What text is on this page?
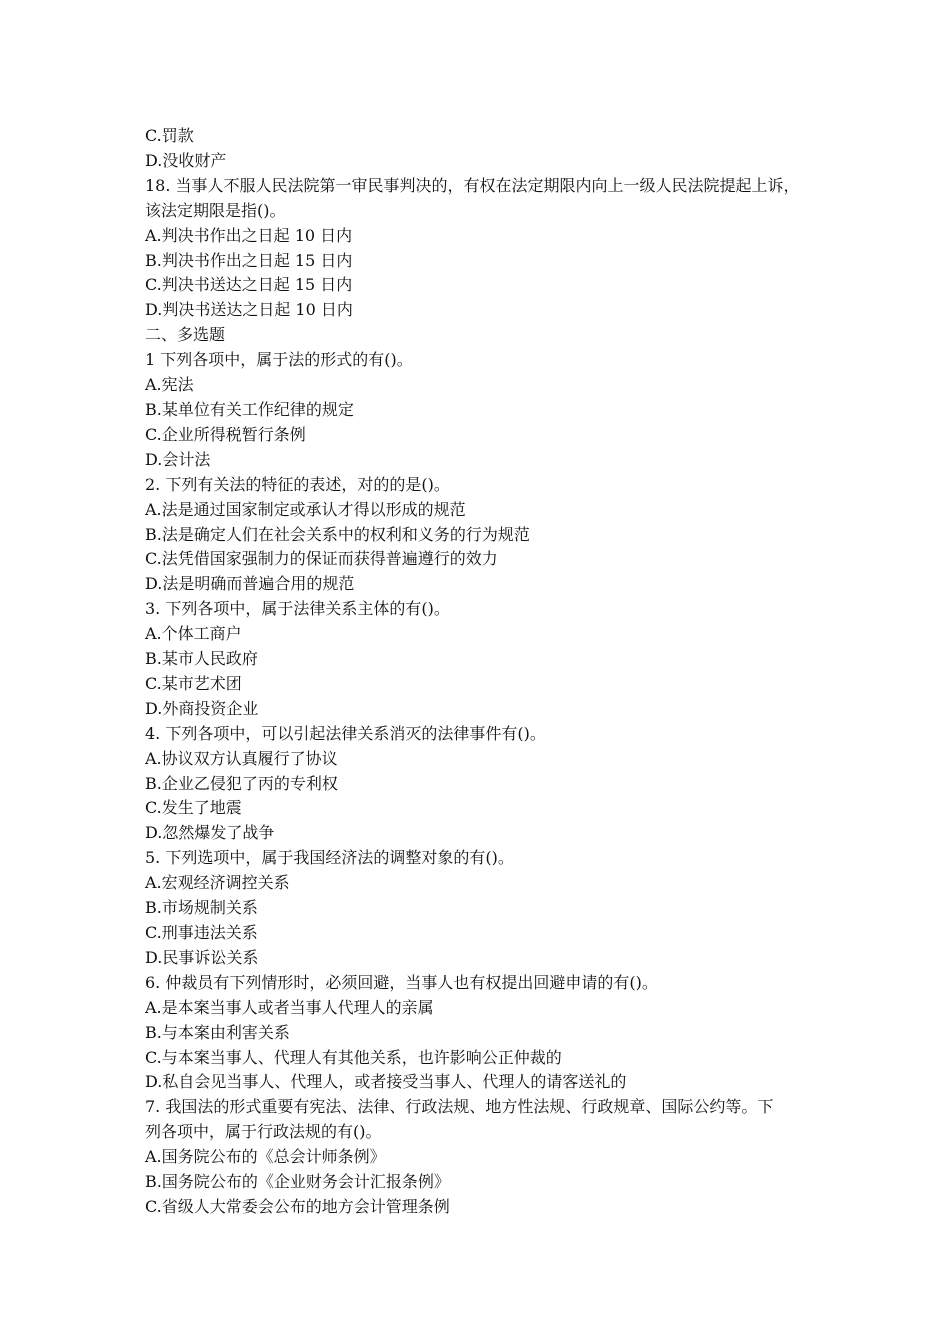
C.罚款
D.没收财产
18. 当事人不服人民法院第一审民事判决的，有权在法定期限内向上一级人民法院提起上诉，
该法定期限是指()。
A.判决书作出之日起 10 日内
B.判决书作出之日起 15 日内
C.判决书送达之日起 15 日内
D.判决书送达之日起 10 日内
二、多选题
1 下列各项中，属于法的形式的有()。
A.宪法
B.某单位有关工作纪律的规定
C.企业所得税暂行条例
D.会计法
2. 下列有关法的特征的表述，对的的是()。
A.法是通过国家制定或承认才得以形成的规范
B.法是确定人们在社会关系中的权利和义务的行为规范
C.法凭借国家强制力的保证而获得普遍遵行的效力
D.法是明确而普遍合用的规范
3. 下列各项中，属于法律关系主体的有()。
A.个体工商户
B.某市人民政府
C.某市艺术团
D.外商投资企业
4. 下列各项中，可以引起法律关系消灭的法律事件有()。
A.协议双方认真履行了协议
B.企业乙侵犯了丙的专利权
C.发生了地震
D.忽然爆发了战争
5. 下列选项中，属于我国经济法的调整对象的有()。
A.宏观经济调控关系
B.市场规制关系
C.刑事违法关系
D.民事诉讼关系
6. 仲裁员有下列情形时，必须回避，当事人也有权提出回避申请的有()。
A.是本案当事人或者当事人代理人的亲属
B.与本案由利害关系
C.与本案当事人、代理人有其他关系，也许影响公正仲裁的
D.私自会见当事人、代理人，或者接受当事人、代理人的请客送礼的
7. 我国法的形式重要有宪法、法律、行政法规、地方性法规、行政规章、国际公约等。下
列各项中，属于行政法规的有()。
A.国务院公布的《总会计师条例》
B.国务院公布的《企业财务会计汇报条例》
C.省级人大常委会公布的地方会计管理条例
